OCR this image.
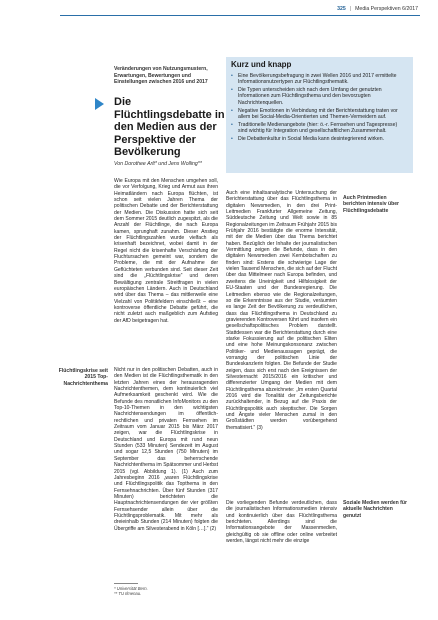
325 | Media Perspektiven 6/2017
Veränderungen von Nutzungsmustern, Erwartungen, Bewertungen und Einstellungen zwischen 2016 und 2017
Die Flüchtlingsdebatte in den Medien aus der Perspektive der Bevölkerung
Von Dorothee Arlt* und Jens Wolling**
Kurz und knapp
• Eine Bevölkerungsbefragung in zwei Wellen 2016 und 2017 ermittelte Informationsnutzertypen zur Flüchtlingsthematik.
• Die Typen unterscheiden sich nach dem Umfang der genutzten Informationen zum Flüchtlingsthema und den bevorzugten Nachrichtenquellen.
• Negative Emotionen in Verbindung mit der Berichterstattung traten vor allem bei Social-Media-Orientierten und Themen-Vermeidern auf.
• Traditionelle Medienangebote (hier: ö.-r. Fernsehen und Tagespresse) sind wichtig für Integration und gesellschaftlichen Zusammenhalt.
• Die Debattenkultur in Social Media kann desintegrierend wirken.

Wie Europa mit den Menschen umgehen soll, die vor Verfolgung, Krieg und Armut aus ihren Heimatländern nach Europa flüchten, ist schon seit vielen Jahren Thema der politischen Debatte und der Berichterstattung der Medien. Die Diskussion hatte sich seit dem Sommer 2015 deutlich zugespitzt, als die Anzahl der Flüchtlinge, die nach Europa kamen, sprunghaft zunahm. Dieser Anstieg der Flüchtlingszahlen wurde vielfach als krisenhaft bezeichnet, wobei damit in der Regel nicht die krisenhafte Verschärfung der Fluchtursachen gemeint war, sondern die Probleme, die mit der Aufnahme der Geflüchteten verbunden sind. Seit dieser Zeit sind die „Flüchtlingskrise“ und deren Bewältigung zentrale Streitfragen in vielen europäischen Ländern. Auch in Deutschland wird über das Thema – das mittlerweile eine Vielzahl von Politikfeldern einschließt – eine kontroverse öffentliche Debatte geführt, die nicht zuletzt auch maßgeblich zum Aufstieg der AfD beigetragen hat.

Nicht nur in den politischen Debatten, auch in den Medien ist die Flüchtlingsthematik in den letzten Jahren eines der herausragenden Nachrichtenthemen, dem kontinuierlich viel Aufmerksamkeit geschenkt wird. Wie die Befunde des monatlichen InfoMonitors zu den Top-10-Themen in den wichtigsten Nachrichtensendungen im öffentlich-rechtlichen und privaten Fernsehen im Zeitraum vom Januar 2015 bis März 2017 zeigen, war die Flüchtlingskrise in Deutschland und Europa mit rund neun Stunden (533 Minuten) Sendezeit im August und sogar 12,5 Stunden (750 Minuten) im September das beherrschende Nachrichtenthema im Spätsommer und Herbst 2015 (vgl. Abbildung 1). (1) Auch zum Jahresbeginn 2016 „waren Flüchtlingskrise und Flüchtlingspolitik das Topthema in den Fernsehnachrichten. Über fünf Stunden (317 Minuten) berichteten die Hauptnachrichtensendungen der vier größten Fernsehsender allein über die Flüchtlingsproblematik. Mit mehr als dreieinhalb Stunden (214 Minuten) folgten die Übergriffe am Silvesterabend in Köln […].“ (2)

Auch eine inhaltsanalytische Untersuchung der Berichterstattung über das Flüchtlingsthema in digitalen Newsmedien, in den drei Print-Leitmedien Frankfurter Allgemeine Zeitung, Süddeutsche Zeitung und Welt sowie in 85 Regionalzeitungen im Zeitraum Frühjahr 2015 bis Frühjahr 2016 bestätigte die enorme Intensität, mit der die Medien über das Thema berichtet haben. Bezüglich der Inhalte der journalistischen Vermittlung zeigen die Befunde, dass in den digitalen Newsmedien zwei Kernbotschaften zu finden sind: Erstens die schwierige Lage der vielen Tausend Menschen, die sich auf der Flucht über das Mittelmeer nach Europa befinden, und zweitens die Uneinigkeit und Hilfslosigkeit der EU-Staaten und der Bundesregierung. Die Leitmedien ebenso wie die Regionalzeitungen, so die Erkenntnisse aus der Studie, veräumten es lange Zeit der Bevölkerung zu verdeutlichen, dass das Flüchtlingsthema in Deutschland zu gravierenden Kontroversen führt und insofern ein gesellschaftspolitisches Problem darstellt. Stattdessen war die Berichterstattung durch eine starke Fokussierung auf die politischen Eliten und eine hohe Meinungskonsonanz zwischen Politiker- und Medienaussagen geprägt, die vorrangig der politischen Linie der Bundeskanzlerin folgten. Die Befunde der Studie zeigen, dass sich erst nach den Ereignissen der Silvesternacht 2015/2016 ein kritischer und differenzierter Umgang der Medien mit dem Flüchtlingsthema abzeichnete: „Im ersten Quartal 2016 wird die Tonalität der Zeitungsberichte zurückhaltender, in Bezug auf die Praxis der Flüchtlingspolitik auch skeptischer. Die Sorgen und Ängste vieler Menschen zumal in den Großstädten werden vorübergehend thematisiert.“ (3)

Die vorliegenden Befunde verdeutlichen, dass die journalistischen Informationsmedien intensiv und kontinuierlich über das Flüchtlingsthema berichteten. Allerdings sind die Informationsangebote der Massenmedien, gleichgültig ob sie offline oder online verbreitet werden, längst nicht mehr die einzige

Flüchtlingskrise seit 2015 Top-Nachrichtenthema
Auch Printmedien berichten intensiv über Flüchtlingsdebatte
Soziale Medien werden für aktuelle Nachrichten genutzt
* Universität Bern.
** TU Ilmenau.
